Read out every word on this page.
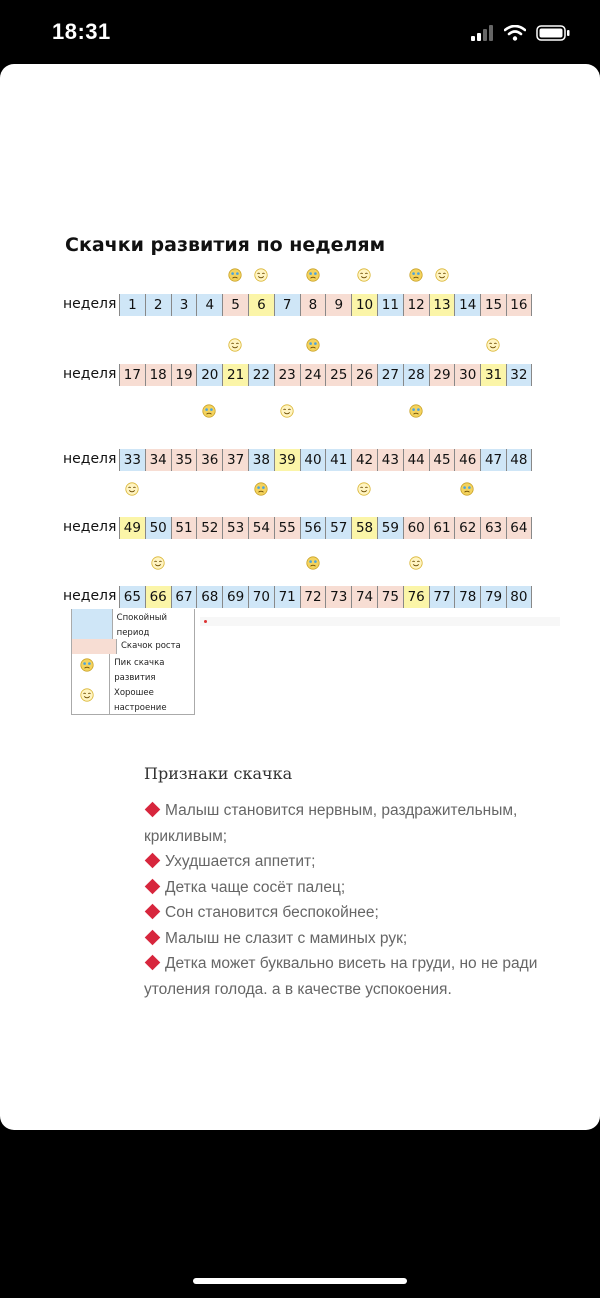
18:31
Скачки развития по неделям
неделя 1	2	3	4	5	6	7	8	9 10 11 12 13 14 15 16
неделя 17 18 19 20 21 22 23 24 25 26 27 28 29 30 31 32
неделя 33 34 35 36 37 38 39 40 41 42 43 44 45 46 47 48
неделя 49 50 51 52 53 54 55 56 57 58 59 60 61 62 63 64
неделя 65 66 67 68 69 70 71 72 73 74 75 76 77 78 79 80
Спокойный период
Скачок роста
Пик скачка развития
Хорошее настроение
Признаки скачка
Малыш становится нервным, раздражительным, крикливым;
Ухудшается аппетит;
Детка чаще сосёт палец;
Сон становится беспокойнее;
Малыш не слазит с маминых рук;
Детка может буквально висеть на груди, но не ради утоления голода. а в качестве успокоения.
